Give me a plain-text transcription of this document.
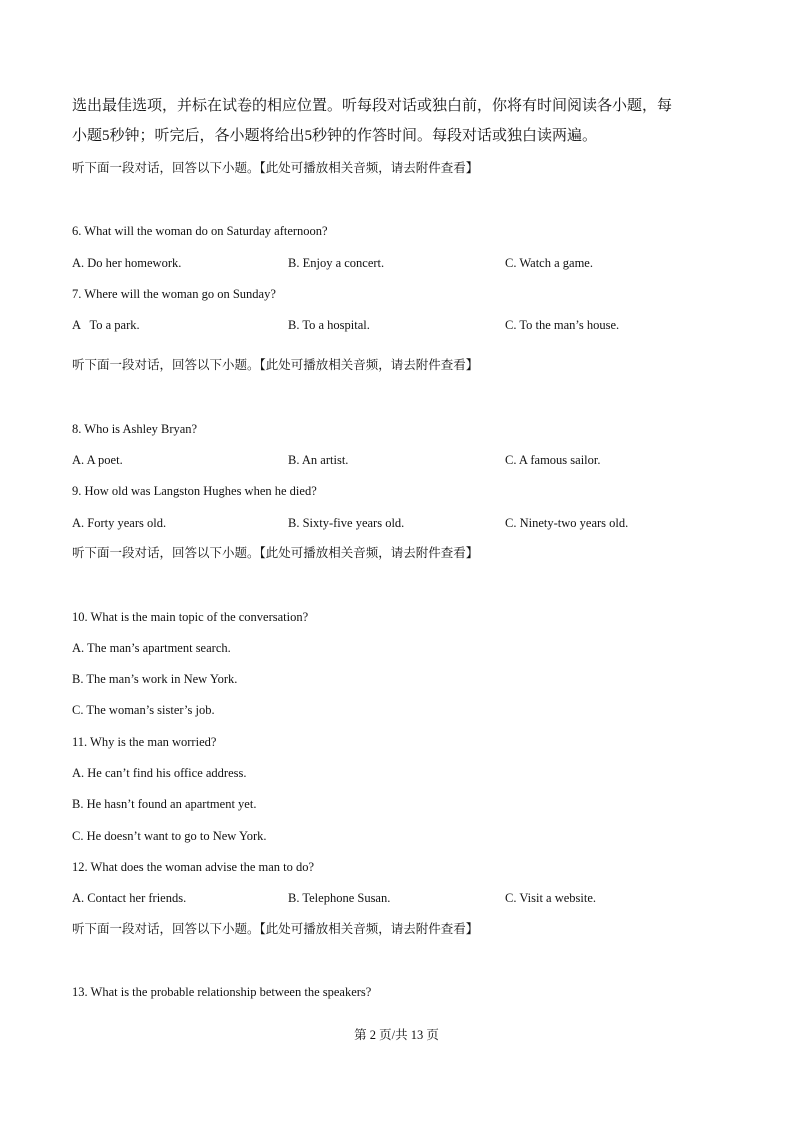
选出最佳选项，并标在试卷的相应位置。听每段对话或独白前，你将有时间阅读各小题，每
小题5秒钟；听完后，各小题将给出5秒钟的作答时间。每段对话或独白读两遍。
听下面一段对话，回答以下小题。【此处可播放相关音频，请去附件查看】
6. What will the woman do on Saturday afternoon?
A. Do her homework.	B. Enjoy a concert.	C. Watch a game.
7. Where will the woman go on Sunday?
A   To a park.	B. To a hospital.	C. To the man’s house.
听下面一段对话，回答以下小题。【此处可播放相关音频，请去附件查看】
8. Who is Ashley Bryan?
A. A poet.	B. An artist.	C. A famous sailor.
9. How old was Langston Hughes when he died?
A. Forty years old.	B. Sixty-five years old.	C. Ninety-two years old.
听下面一段对话，回答以下小题。【此处可播放相关音频，请去附件查看】
10. What is the main topic of the conversation?
A. The man’s apartment search.
B. The man’s work in New York.
C. The woman’s sister’s job.
11. Why is the man worried?
A. He can’t find his office address.
B. He hasn’t found an apartment yet.
C. He doesn’t want to go to New York.
12. What does the woman advise the man to do?
A. Contact her friends.	B. Telephone Susan.	C. Visit a website.
听下面一段对话，回答以下小题。【此处可播放相关音频，请去附件查看】
13. What is the probable relationship between the speakers?
第 2 页/共 13 页
